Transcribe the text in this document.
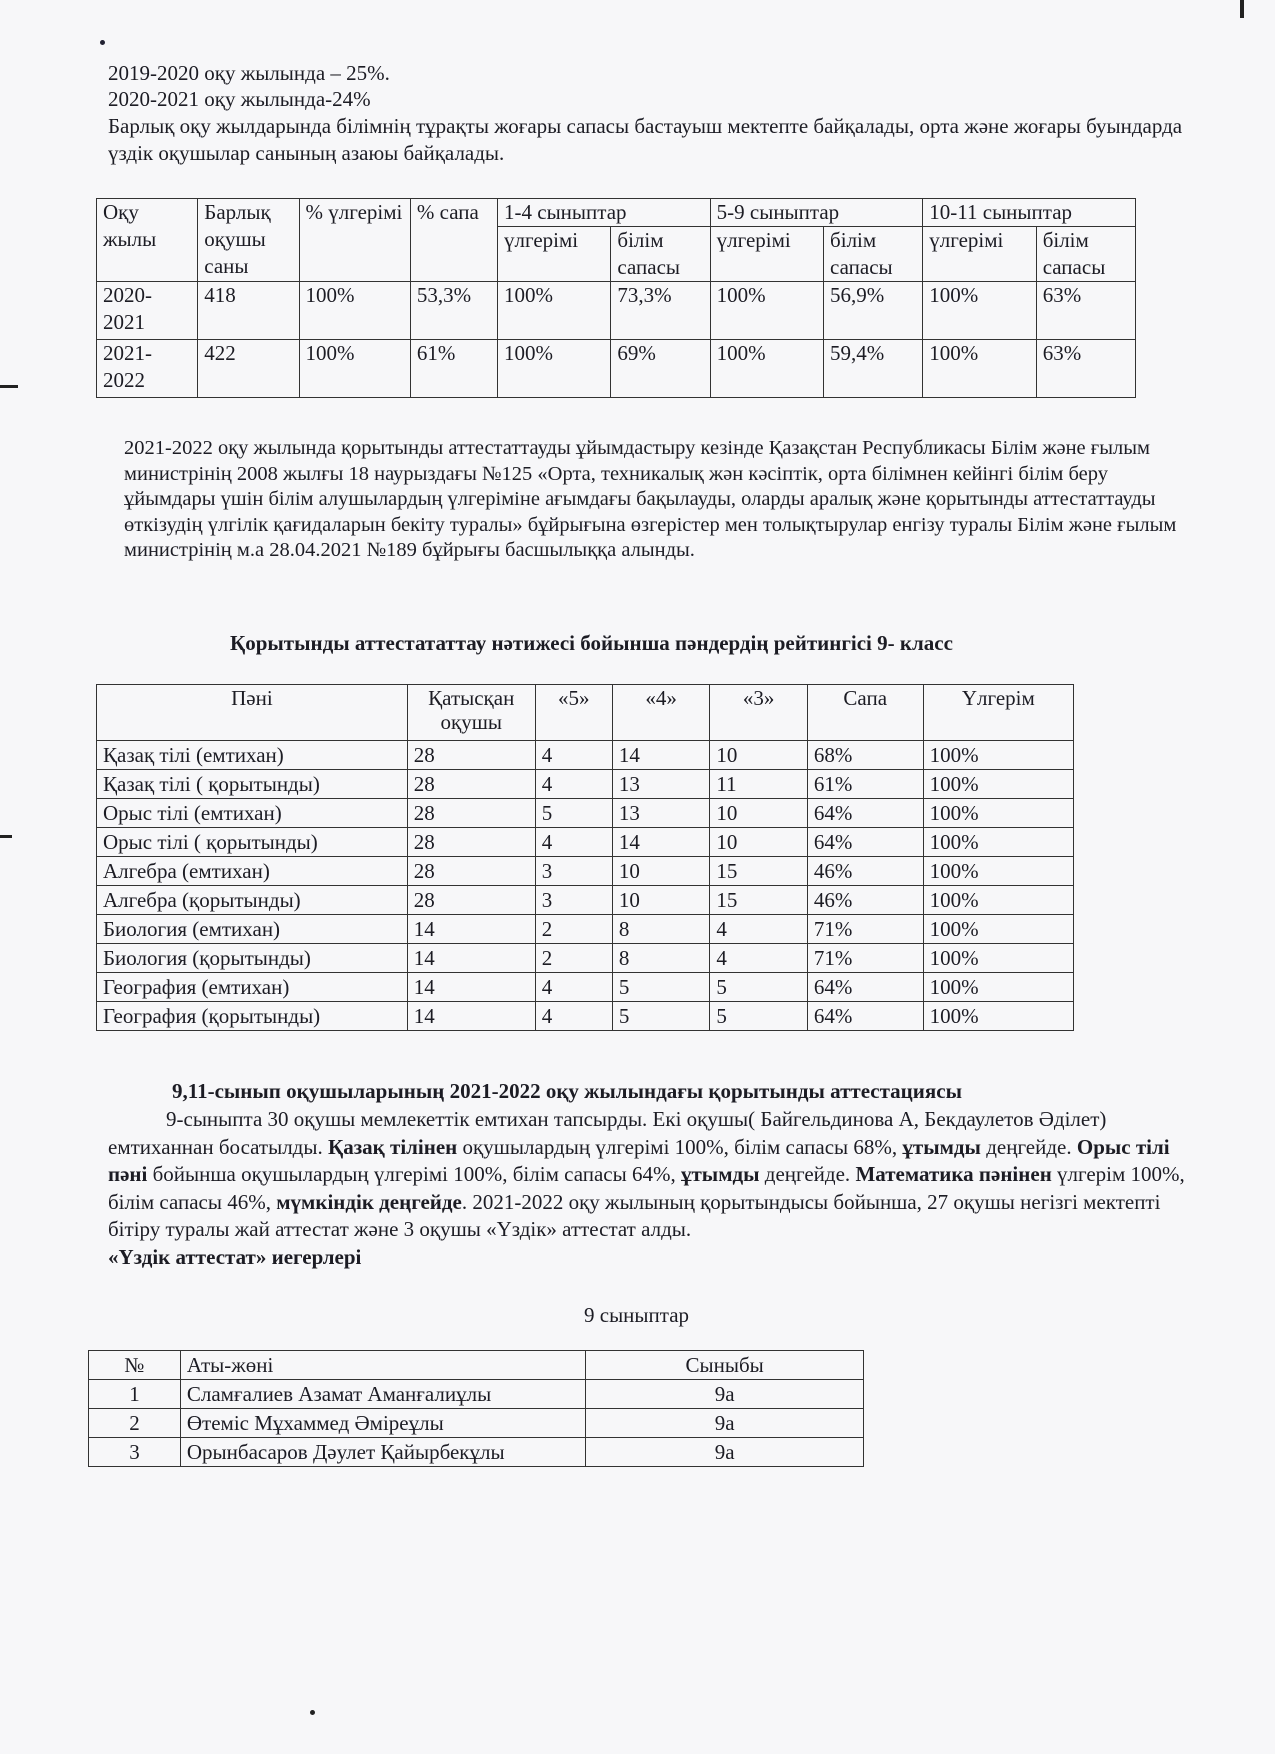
2019-2020 оқу жылында – 25%.

2020-2021 оқу жылында-24%

Барлық оқу жылдарында білімнің тұрақты жоғары сапасы бастауыш мектепте байқалады, орта және жоғары буындарда үздік оқушылар санының азаюы байқалады.

Оқу жылы	Барлық оқушы саны	% үлгерімі	% сапа	1-4 сыныптар		5-9 сыныптар		10-11 сыныптар	
				үлгерімі	білім сапасы	үлгерімі	білім сапасы	үлгерімі	білім сапасы
2020-2021	418	100%	53,3%	100%	73,3%	100%	56,9%	100%	63%
2021-2022	422	100%	61%	100%	69%	100%	59,4%	100%	63%

2021-2022 оқу жылында қорытынды аттестаттауды ұйымдастыру кезінде Қазақстан Республикасы Білім және ғылым министрінің 2008 жылғы 18 наурыздағы №125 «Орта, техникалық жән кәсіптік, орта білімнен кейінгі білім беру ұйымдары үшін білім алушылардың үлгеріміне ағымдағы бақылауды, оларды аралық және қорытынды аттестаттауды өткізудің үлгілік қағидаларын бекіту туралы» бұйрығына өзгерістер мен толықтырулар енгізу туралы Білім және ғылым министрінің м.а 28.04.2021 №189 бұйрығы басшылыққа алынды.

Қорытынды аттестататтау нәтижесі бойынша пәндердің рейтингісі 9- класс
Пәні	Қатысқан оқушы	«5»	«4»	«3»	Сапа	Үлгерім
Қазақ тілі (емтихан)	28	4	14	10	68%	100%
Қазақ тілі ( қорытынды)	28	4	13	11	61%	100%
Орыс тілі (емтихан)	28	5	13	10	64%	100%
Орыс тілі ( қорытынды)	28	4	14	10	64%	100%
Алгебра (емтихан)	28	3	10	15	46%	100%
Алгебра (қорытынды)	28	3	10	15	46%	100%
Биология (емтихан)	14	2	8	4	71%	100%
Биология (қорытынды)	14	2	8	4	71%	100%
География (емтихан)	14	4	5	5	64%	100%
География (қорытынды)	14	4	5	5	64%	100%
9,11-сынып оқушыларының 2021-2022 оқу жылындағы қорытынды аттестациясы

9-сыныпта 30 оқушы мемлекеттік емтихан тапсырды. Екі оқушы( Байгельдинова А, Бекдаулетов Әділет) емтиханнан босатылды. Қазақ тілінен оқушылардың үлгерімі 100%, білім сапасы 68%, ұтымды деңгейде. Орыс тілі пәні бойынша оқушылардың үлгерімі 100%, білім сапасы 64%, ұтымды деңгейде. Математика пәнінен үлгерім 100%, білім сапасы 46%, мүмкіндік деңгейде. 2021-2022 оқу жылының қорытындысы бойынша, 27 оқушы негізгі мектепті бітіру туралы жай аттестат және 3 оқушы «Үздік» аттестат алды.

«Үздік аттестат» иегерлері

9 сыныптар
№	Аты-жөні	Сыныбы
1	Сламғалиев Азамат Аманғалиұлы	9а
2	Өтеміс Мұхаммед Әміреұлы	9а
3	Орынбасаров Дәулет Қайырбекұлы	9а
